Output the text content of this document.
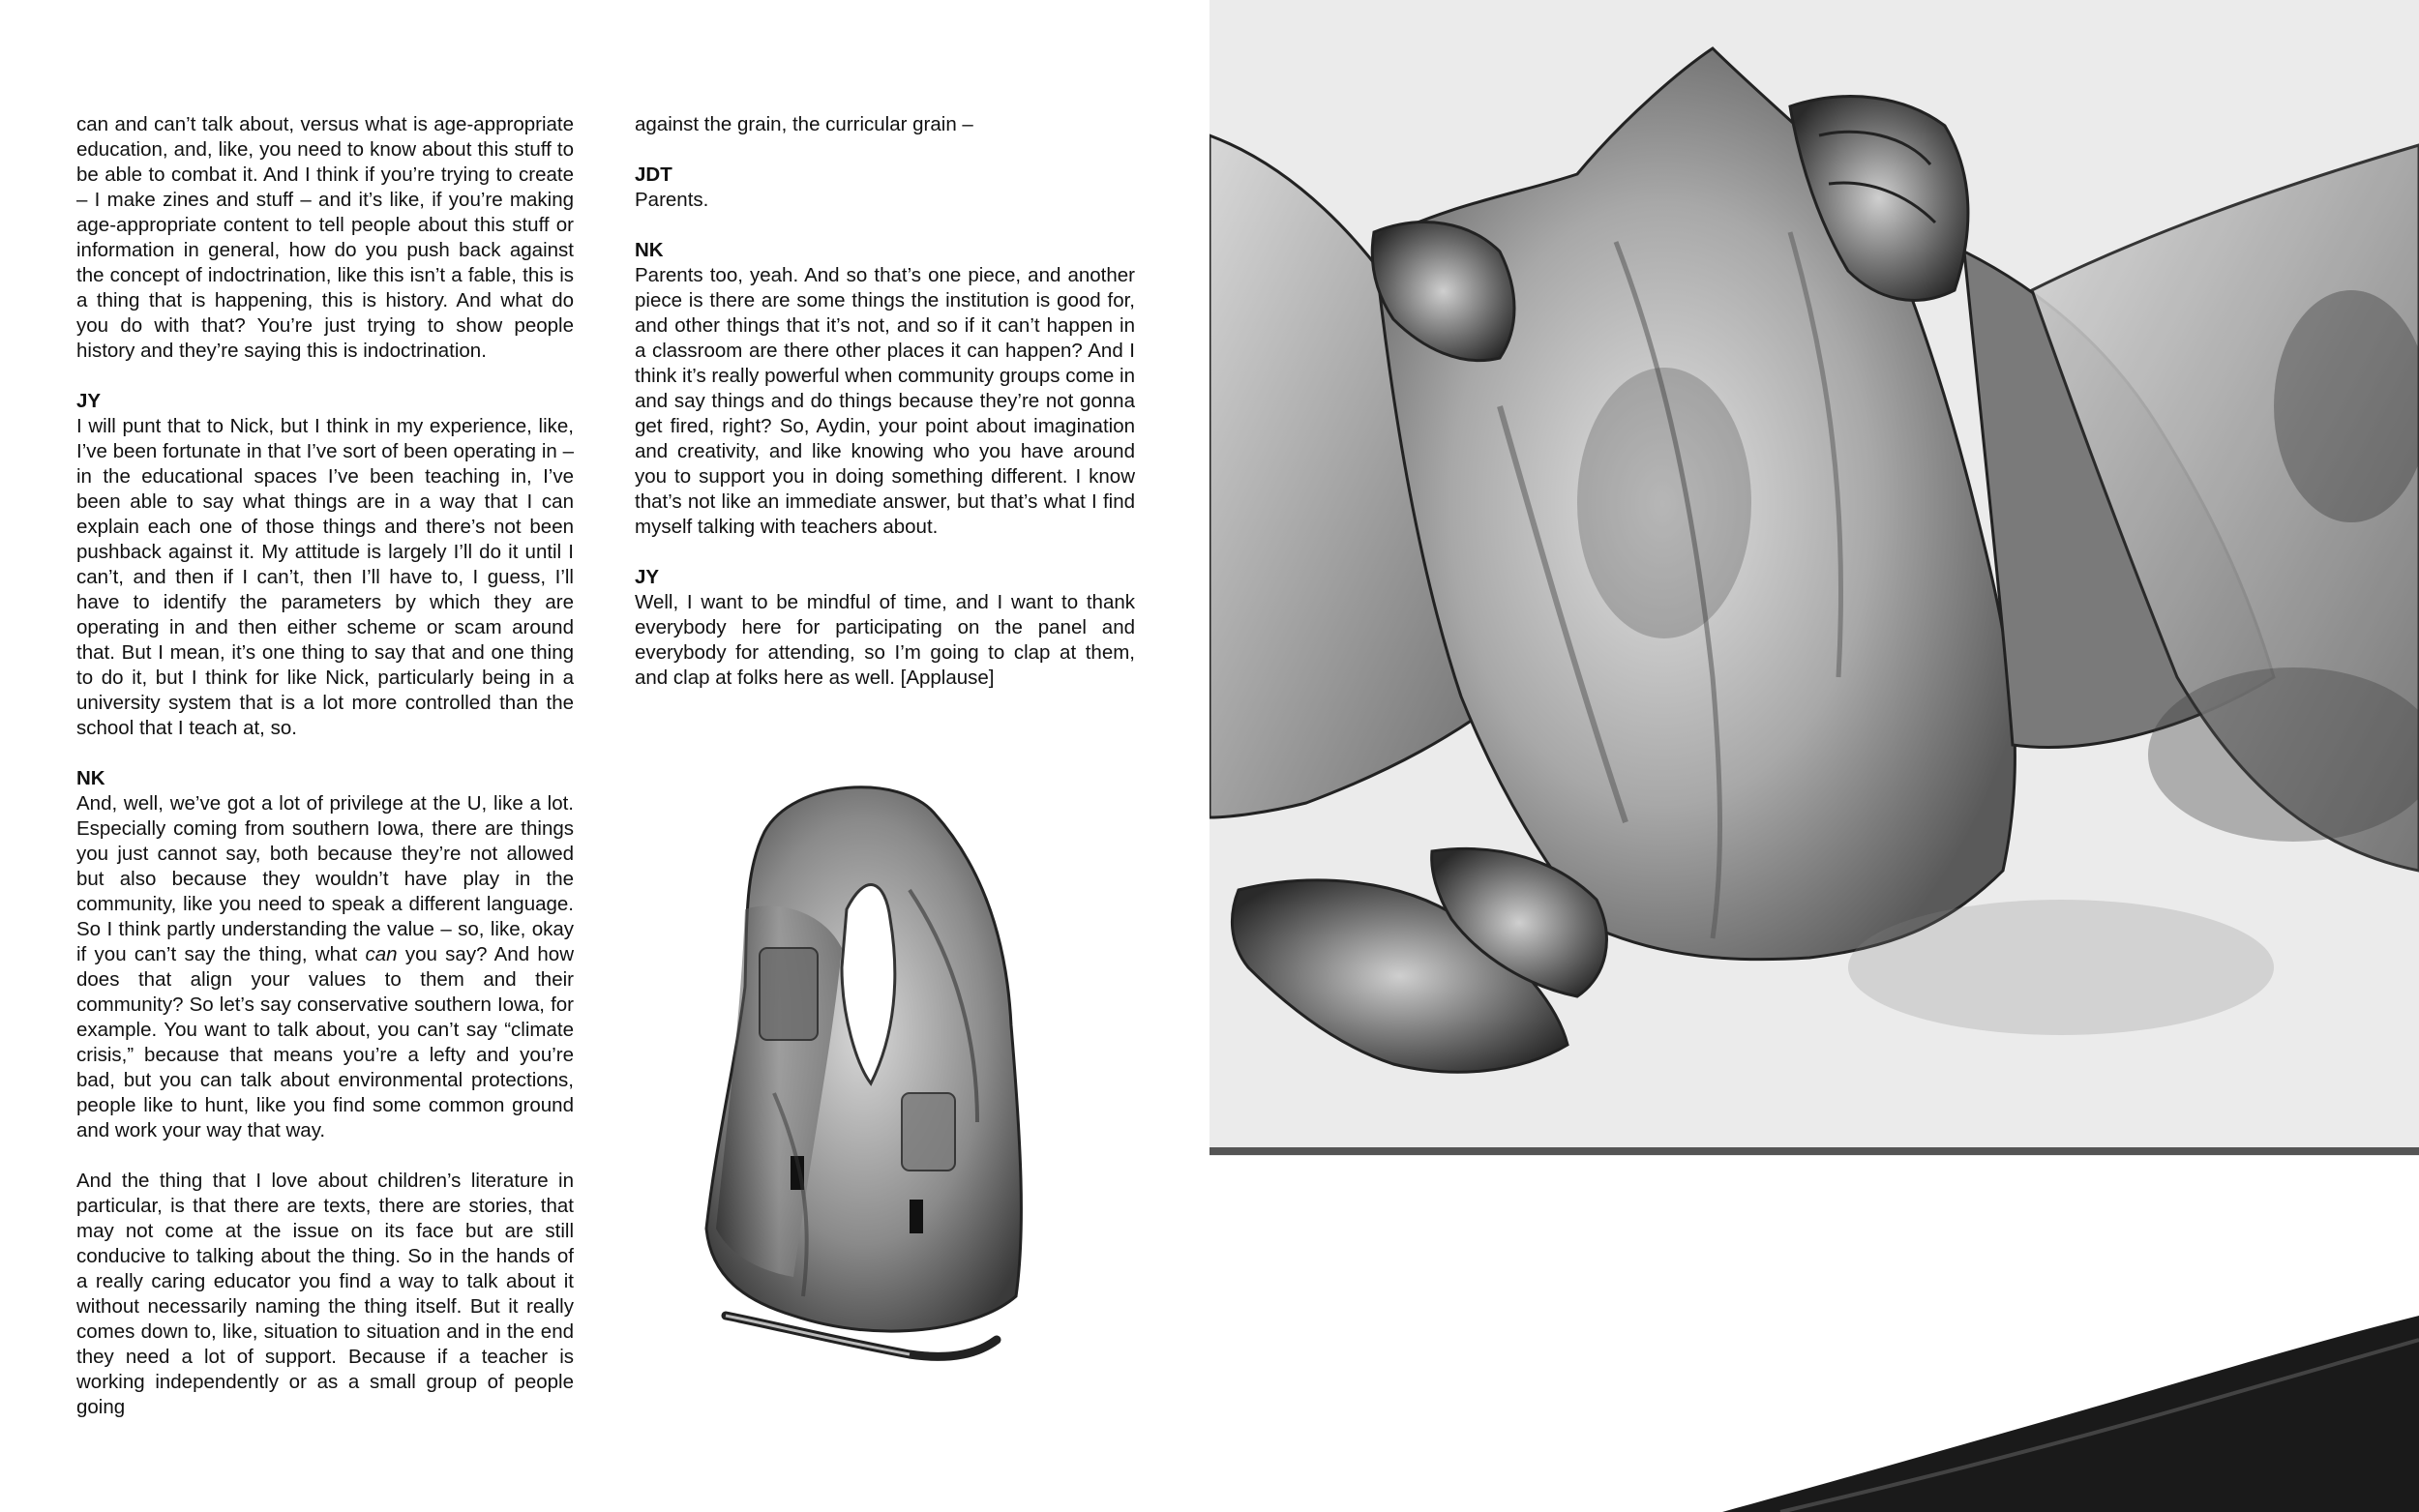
can and can’t talk about, versus what is age-appropriate education, and, like, you need to know about this stuff to be able to combat it. And I think if you’re trying to create – I make zines and stuff – and it’s like, if you’re making age-appropriate content to tell people about this stuff or information in general, how do you push back against the concept of indoctrination, like this isn’t a fable, this is a thing that is happening, this is history. And what do you do with that? You’re just trying to show people history and they’re saying this is indoctrination.

JY

I will punt that to Nick, but I think in my experience, like, I’ve been fortunate in that I’ve sort of been operating in – in the educational spaces I’ve been teaching in, I’ve been able to say what things are in a way that I can explain each one of those things and there’s not been pushback against it. My attitude is largely I’ll do it until I can’t, and then if I can’t, then I’ll have to, I guess, I’ll have to identify the parameters by which they are operating in and then either scheme or scam around that. But I mean, it’s one thing to say that and one thing to do it, but I think for like Nick, particularly being in a university system that is a lot more controlled than the school that I teach at, so.

NK

And, well, we’ve got a lot of privilege at the U, like a lot. Especially coming from southern Iowa, there are things you just cannot say, both because they’re not allowed but also because they wouldn’t have play in the community, like you need to speak a different language. So I think partly understanding the value – so, like, okay if you can’t say the thing, what can you say? And how does that align your values to them and their community? So let’s say conservative southern Iowa, for example. You want to talk about, you can’t say “climate crisis,” because that means you’re a lefty and you’re bad, but you can talk about environmental protections, people like to hunt, like you find some common ground and work your way that way.

And the thing that I love about children’s literature in particular, is that there are texts, there are stories, that may not come at the issue on its face but are still conducive to talking about the thing. So in the hands of a really caring educator you find a way to talk about it without necessarily naming the thing itself. But it really comes down to, like, situation to situation and in the end they need a lot of support. Because if a teacher is working independently or as a small group of people going

against the grain, the curricular grain –

JDT

Parents.

NK

Parents too, yeah. And so that’s one piece, and another piece is there are some things the institution is good for, and other things that it’s not, and so if it can’t happen in a classroom are there other places it can happen? And I think it’s really powerful when community groups come in and say things and do things because they’re not gonna get fired, right? So, Aydin, your point about imagination and creativity, and like knowing who you have around you to support you in doing something different. I know that’s not like an immediate answer, but that’s what I find myself talking with teachers about.

JY

Well, I want to be mindful of time, and I want to thank everybody here for participating on the panel and everybody for attending, so I’m going to clap at them, and clap at folks here as well. [Applause]
